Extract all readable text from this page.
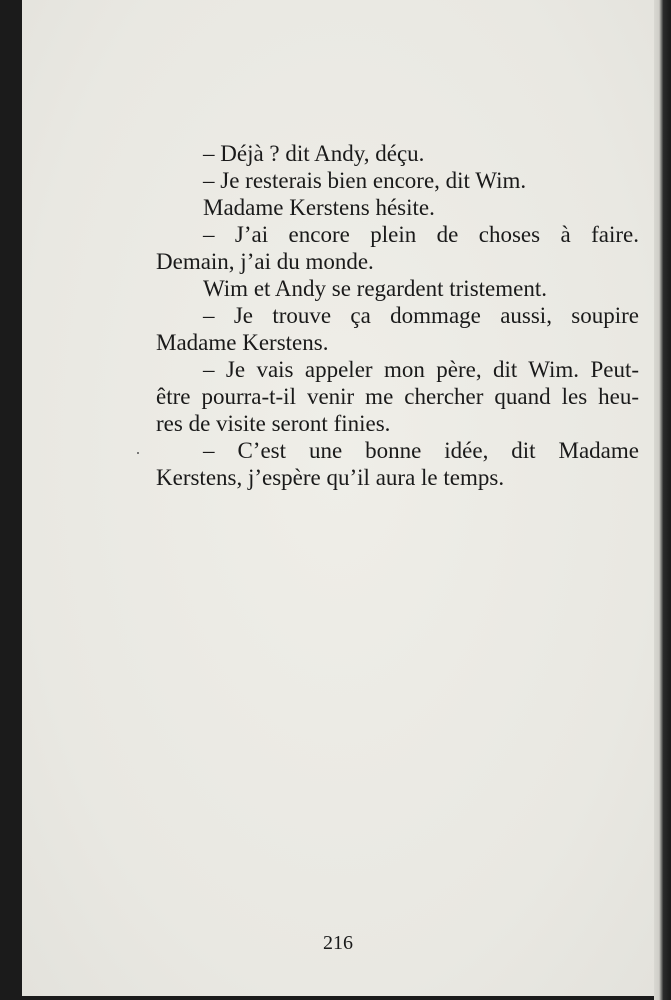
– Déjà ? dit Andy, déçu.
– Je resterais bien encore, dit Wim.
Madame Kerstens hésite.
– J’ai encore plein de choses à faire.
Demain, j’ai du monde.
Wim et Andy se regardent tristement.
– Je trouve ça dommage aussi, soupire
Madame Kerstens.
– Je vais appeler mon père, dit Wim. Peut-
être pourra-t-il venir me chercher quand les heu-
res de visite seront finies.
– C’est une bonne idée, dit Madame
Kerstens, j’espère qu’il aura le temps.
216
